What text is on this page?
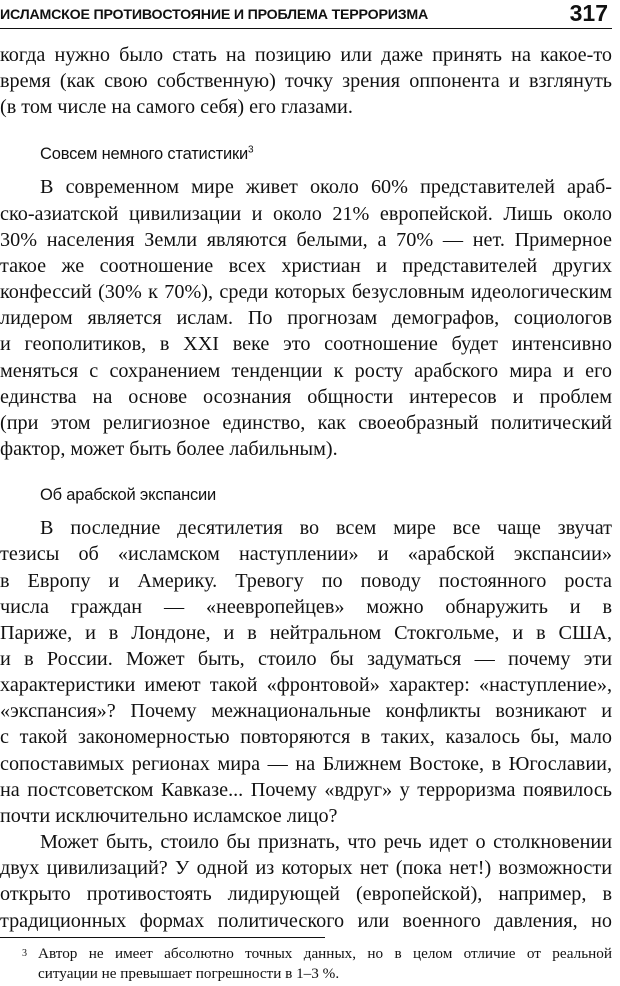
ИСЛАМСКОЕ ПРОТИВОСТОЯНИЕ И ПРОБЛЕМА ТЕРРОРИЗМА	317

когда нужно было стать на позицию или даже принять на какое-то
время (как свою собственную) точку зрения оппонента и взглянуть
(в том числе на самого себя) его глазами.

Совсем немного статистики$^3$

В современном мире живет около 60% представителей араб-
ско-азиатской цивилизации и около 21% европейской. Лишь около
30% населения Земли являются белыми, а 70% — нет. Примерное
такое же соотношение всех христиан и представителей других
конфессий (30% к 70%), среди которых безусловным идеологическим
лидером является ислам. По прогнозам демографов, социологов
и геополитиков, в XXI веке это соотношение будет интенсивно
меняться с сохранением тенденции к росту арабского мира и его
единства на основе осознания общности интересов и проблем
(при этом религиозное единство, как своеобразный политический
фактор, может быть более лабильным).

Об арабской экспансии

В последние десятилетия во всем мире все чаще звучат
тезисы об «исламском наступлении» и «арабской экспансии»
в Европу и Америку. Тревогу по поводу постоянного роста
числа граждан — «неевропейцев» можно обнаружить и в
Париже, и в Лондоне, и в нейтральном Стокгольме, и в США,
и в России. Может быть, стоило бы задуматься — почему эти
характеристики имеют такой «фронтовой» характер: «наступление»,
«экспансия»? Почему межнациональные конфликты возникают и
с такой закономерностью повторяются в таких, казалось бы, мало
сопоставимых регионах мира — на Ближнем Востоке, в Югославии,
на постсоветском Кавказе... Почему «вдруг» у терроризма появилось
почти исключительно исламское лицо?

Может быть, стоило бы признать, что речь идет о столкновении
двух цивилизаций? У одной из которых нет (пока нет!) возможности
открыто противостоять лидирующей (европейской), например, в
традиционных формах политического или военного давления, но

3 Автор не имеет абсолютно точных данных, но в целом отличие от реальной
ситуации не превышает погрешности в 1–3 %.
